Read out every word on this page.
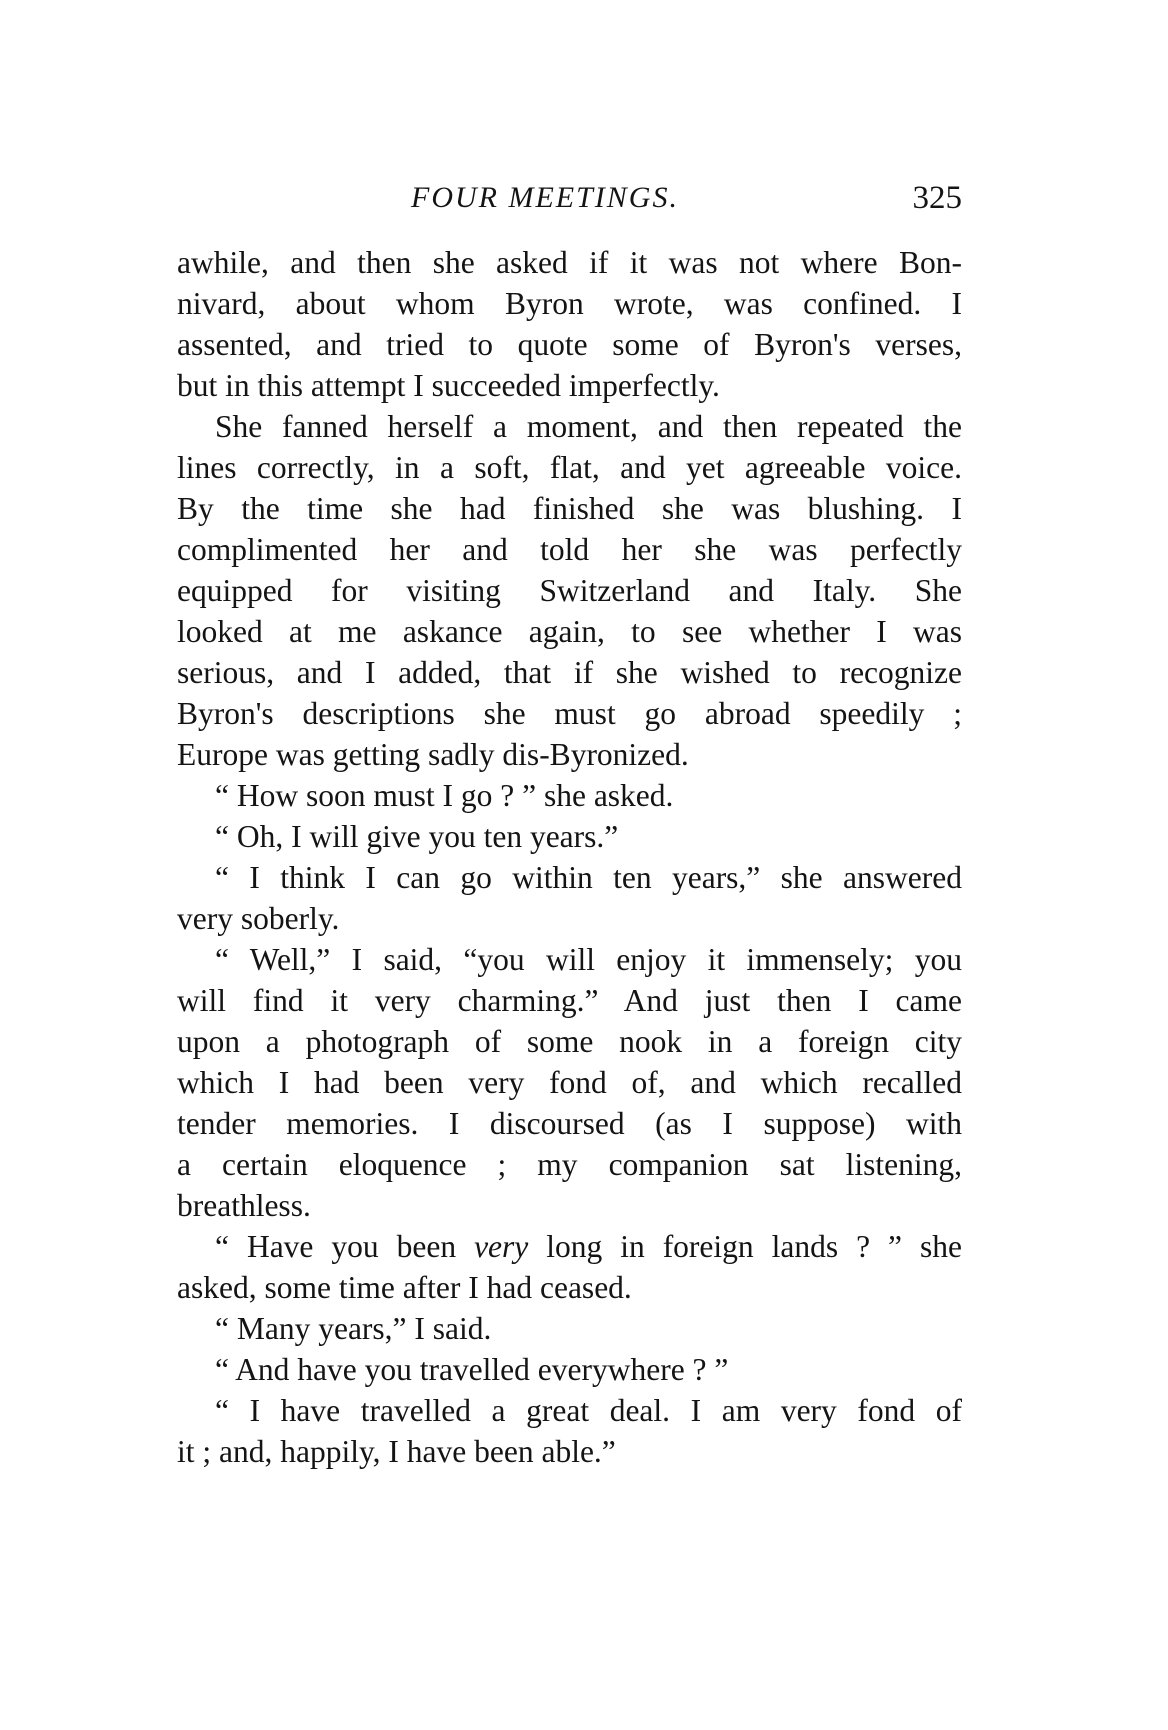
FOUR MEETINGS.	325

awhile, and then she asked if it was not where Bon-
nivard, about whom Byron wrote, was confined. I
assented, and tried to quote some of Byron's verses,
but in this attempt I succeeded imperfectly.

She fanned herself a moment, and then repeated the
lines correctly, in a soft, flat, and yet agreeable voice.
By the time she had finished she was blushing. I
complimented her and told her she was perfectly
equipped for visiting Switzerland and Italy. She
looked at me askance again, to see whether I was
serious, and I added, that if she wished to recognize
Byron's descriptions she must go abroad speedily ;
Europe was getting sadly dis-Byronized.

“ How soon must I go ? ” she asked.

“ Oh, I will give you ten years.”

“ I think I can go within ten years,” she answered
very soberly.

“ Well,” I said, “you will enjoy it immensely; you
will find it very charming.” And just then I came
upon a photograph of some nook in a foreign city
which I had been very fond of, and which recalled
tender memories. I discoursed (as I suppose) with
a certain eloquence ; my companion sat listening,
breathless.

“ Have you been very long in foreign lands ? ” she
asked, some time after I had ceased.

“ Many years,” I said.

“ And have you travelled everywhere ? ”

“ I have travelled a great deal. I am very fond of
it ; and, happily, I have been able.”
